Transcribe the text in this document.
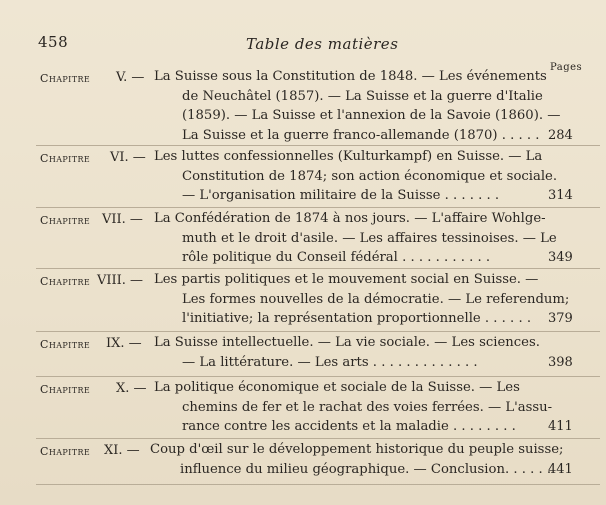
458	Table des matières
Pages
Chapitre V. — La Suisse sous la Constitution de 1848. — Les événements
de Neuchâtel (1857). — La Suisse et la guerre d'Italie
(1859). — La Suisse et l'annexion de la Savoie (1860). —
La Suisse et la guerre franco-allemande (1870) . . . . . 284
Chapitre VI. — Les luttes confessionnelles (Kulturkampf) en Suisse. — La
Constitution de 1874; son action économique et sociale.
— L'organisation militaire de la Suisse . . . . . . .	314
Chapitre VII. — La Confédération de 1874 à nos jours. — L'affaire Wohlge-
muth et le droit d'asile. — Les affaires tessinoises. — Le
rôle politique du Conseil fédéral . . . . . . . . . . .	349
Chapitre VIII. — Les partis politiques et le mouvement social en Suisse. —
Les formes nouvelles de la démocratie. — Le referendum;
l'initiative; la représentation proportionnelle . . . . . . 379
Chapitre IX. — La Suisse intellectuelle. — La vie sociale. — Les sciences.
— La littérature. — Les arts . . . . . . . . . . . . .	398
Chapitre X. — La politique économique et sociale de la Suisse. — Les
chemins de fer et le rachat des voies ferrées. — L'assu-
rance contre les accidents et la maladie . . . . . . . . 411
Chapitre XI. — Coup d'œil sur le développement historique du peuple suisse;
influence du milieu géographique. — Conclusion. . . . . .
441
